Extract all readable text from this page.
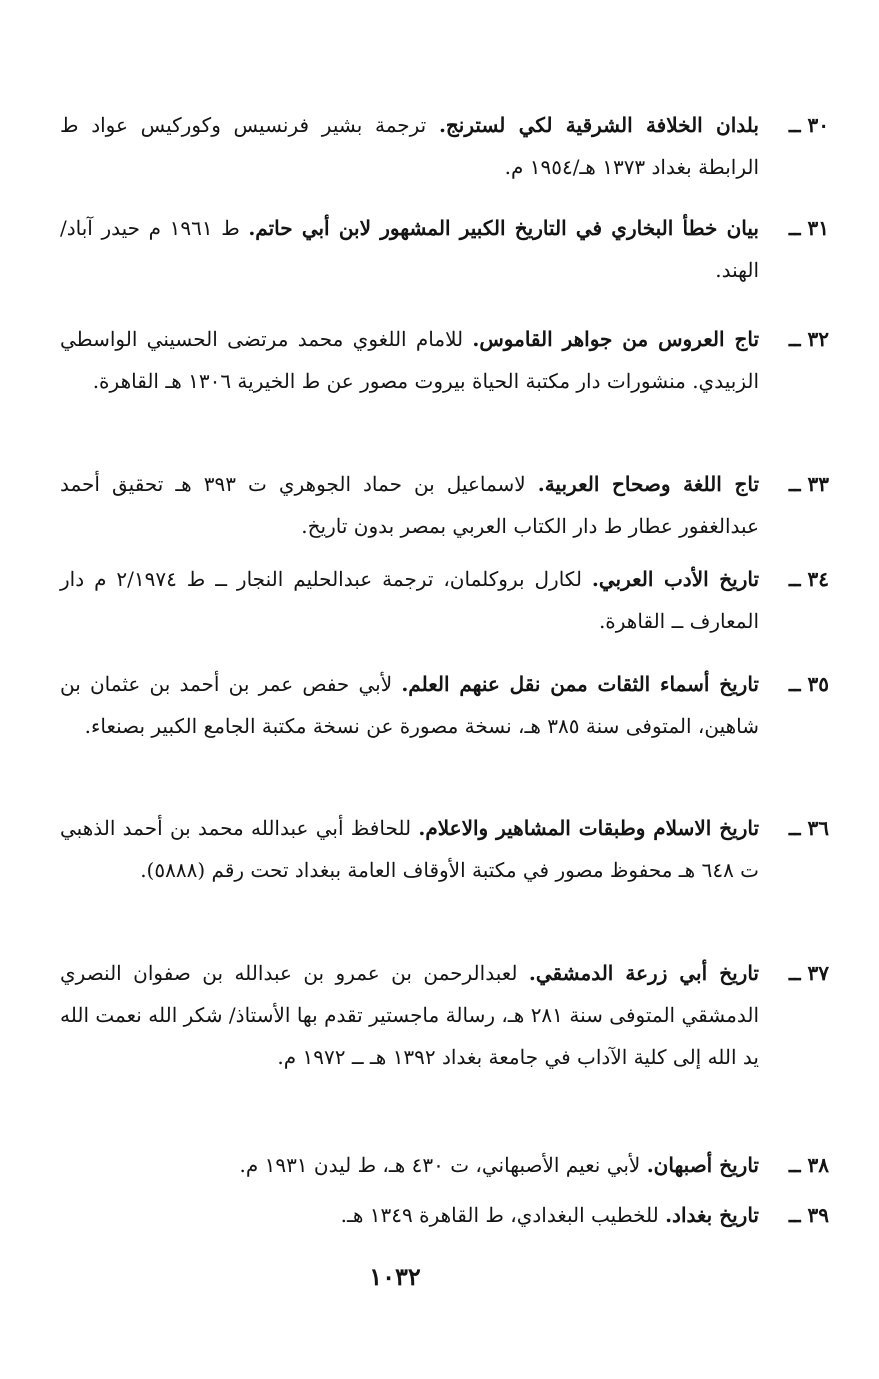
٣٠ ــ
بلدان الخلافة الشرقية لكي لسترنج. ترجمة بشير فرنسيس وكوركيس عواد ط الرابطة بغداد ١٣٧٣ هـ/١٩٥٤ م.
٣١ ــ
بيان خطأ البخاري في التاريخ الكبير المشهور لابن أبي حاتم. ط ١٩٦١ م حيدر آباد/ الهند.
٣٢ ــ
تاج العروس من جواهر القاموس. للامام اللغوي محمد مرتضى الحسيني الواسطي الزبيدي. منشورات دار مكتبة الحياة بيروت مصور عن ط الخيرية ١٣٠٦ هـ القاهرة.
٣٣ ــ
تاج اللغة وصحاح العربية. لاسماعيل بن حماد الجوهري ت ٣٩٣ هـ تحقيق أحمد عبدالغفور عطار ط دار الكتاب العربي بمصر بدون تاريخ.
٣٤ ــ
تاريخ الأدب العربي. لكارل بروكلمان، ترجمة عبدالحليم النجار ــ ط ٢/١٩٧٤ م دار المعارف ــ القاهرة.
٣٥ ــ
تاريخ أسماء الثقات ممن نقل عنهم العلم. لأبي حفص عمر بن أحمد بن عثمان بن شاهين، المتوفى سنة ٣٨٥ هـ، نسخة مصورة عن نسخة مكتبة الجامع الكبير بصنعاء.
٣٦ ــ
تاريخ الاسلام وطبقات المشاهير والاعلام. للحافظ أبي عبدالله محمد بن أحمد الذهبي ت ٦٤٨ هـ محفوظ مصور في مكتبة الأوقاف العامة ببغداد تحت رقم (٥٨٨٨).
٣٧ ــ
تاريخ أبي زرعة الدمشقي. لعبدالرحمن بن عمرو بن عبدالله بن صفوان النصري الدمشقي المتوفى سنة ٢٨١ هـ، رسالة ماجستير تقدم بها الأستاذ/ شكر الله نعمت الله يد الله إلى كلية الآداب في جامعة بغداد ١٣٩٢ هـ ــ ١٩٧٢ م.
٣٨ ــ
تاريخ أصبهان. لأبي نعيم الأصبهاني، ت ٤٣٠ هـ، ط ليدن ١٩٣١ م.
٣٩ ــ
تاريخ بغداد. للخطيب البغدادي، ط القاهرة ١٣٤٩ هـ.
١٠٣٢
